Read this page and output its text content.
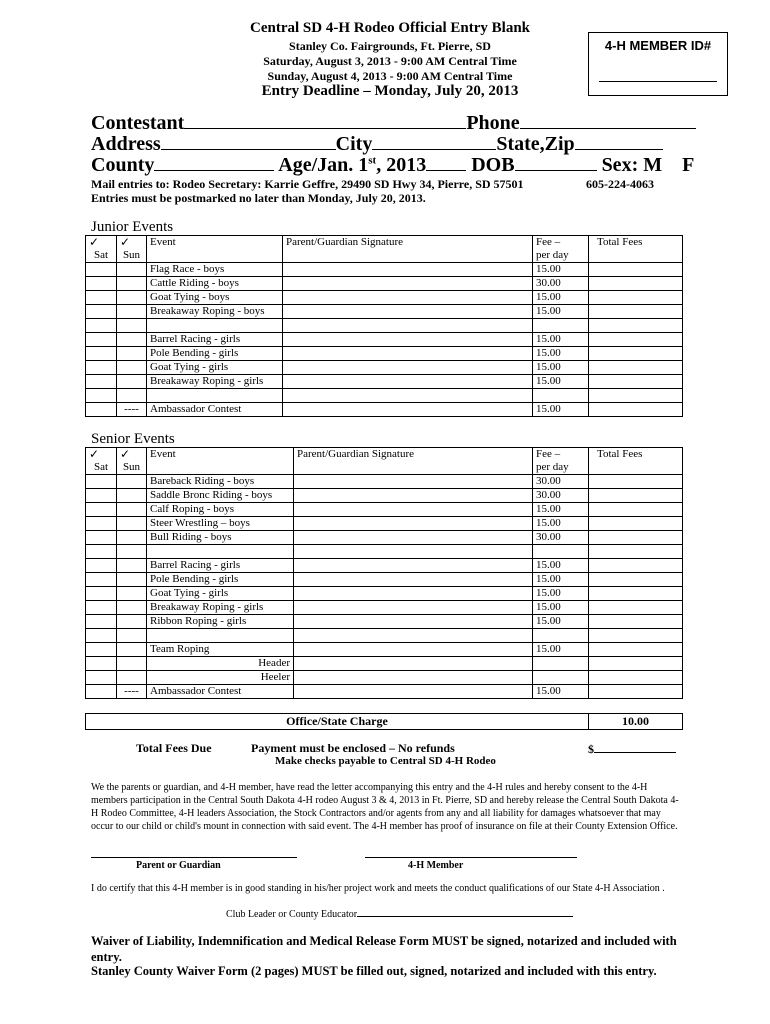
Central SD 4-H Rodeo Official Entry Blank
Stanley Co. Fairgrounds, Ft. Pierre, SD
Saturday, August 3, 2013 - 9:00 AM Central Time
Sunday, August 4, 2013 - 9:00 AM Central Time
Entry Deadline – Monday, July 20, 2013
4-H MEMBER ID#
Contestant	Phone
Address	City	State,Zip
County	Age/Jan. 1st, 2013 DOB	Sex: M    F
Mail entries to: Rodeo Secretary: Karrie Geffre, 29490 SD Hwy 34, Pierre, SD 57501	605-224-4063
Entries must be postmarked no later than Monday, July 20, 2013.
Junior Events
✓	✓	Event	Parent/Guardian Signature	Fee –	Total Fees
Sat	Sun			per day	
		Flag Race - boys		15.00	
		Cattle Riding - boys		30.00	
		Goat Tying - boys		15.00	
		Breakaway Roping - boys		15.00	

		Barrel Racing - girls		15.00	
		Pole Bending - girls		15.00	
		Goat Tying - girls		15.00	
		Breakaway Roping - girls		15.00	

	----	Ambassador Contest		15.00	
Senior Events
✓	✓	Event	Parent/Guardian Signature	Fee –	Total Fees
Sat	Sun			per day	
		Bareback Riding - boys		30.00	
		Saddle Bronc Riding - boys		30.00	
		Calf Roping - boys		15.00	
		Steer Wrestling – boys		15.00	
		Bull Riding - boys		30.00	

		Barrel Racing - girls		15.00	
		Pole Bending - girls		15.00	
		Goat Tying - girls		15.00	
		Breakaway Roping - girls		15.00	
		Ribbon Roping - girls		15.00	

		Team Roping		15.00	
		Header			
		Heeler			
	----	Ambassador Contest		15.00	
Office/State Charge	10.00
Total Fees Due	Payment must be enclosed – No refunds
Make checks payable to Central SD 4-H Rodeo
$
We the parents or guardian, and 4-H member, have read the letter accompanying this entry and the 4-H rules and hereby consent to the 4-H members participation in the Central South Dakota 4-H rodeo August 3 & 4, 2013 in Ft. Pierre, SD and hereby release the Central South Dakota 4-H Rodeo Committee, 4-H leaders Association, the Stock Contractors and/or agents from any and all liability for damages whatsoever that may occur to our child or child's mount in connection with said event. The 4-H member has proof of insurance on file at their County Extension Office.
Parent or Guardian	4-H Member
I do certify that this 4-H member is in good standing in his/her project work and meets the conduct qualifications of our State 4-H Association .
Club Leader or County Educator
Waiver of Liability, Indemnification and Medical Release Form MUST be signed, notarized and included with entry.
Stanley County Waiver Form (2 pages) MUST be filled out, signed, notarized and included with this entry.
